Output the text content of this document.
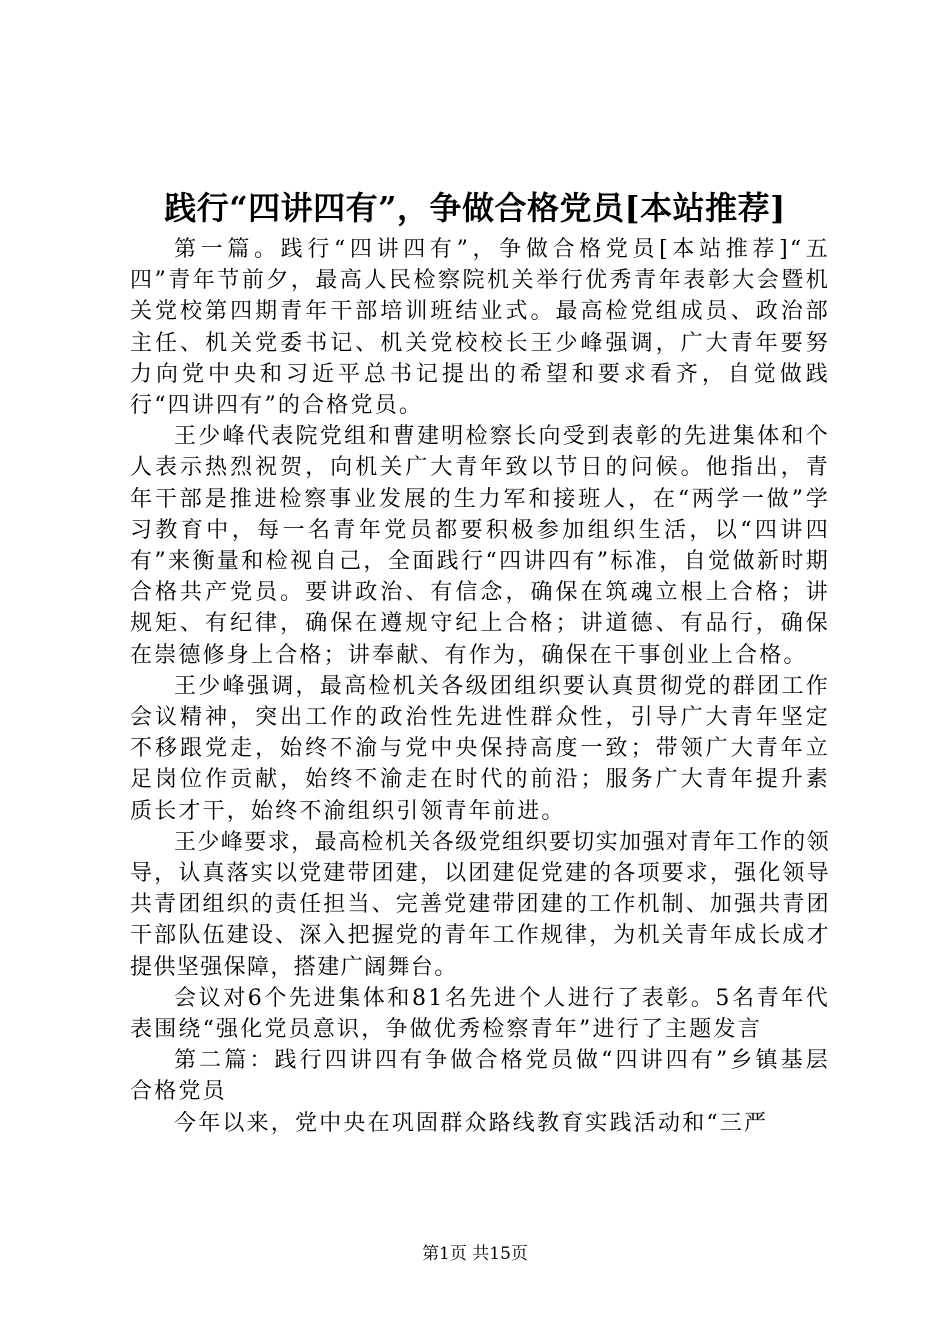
践行“四讲四有”，争做合格党员[本站推荐]

第一篇。践行“四讲四有”，争做合格党员[本站推荐]“五四”青年节前夕，最高人民检察院机关举行优秀青年表彰大会暨机关党校第四期青年干部培训班结业式。最高检党组成员、政治部主任、机关党委书记、机关党校校长王少峰强调，广大青年要努力向党中央和习近平总书记提出的希望和要求看齐，自觉做践行“四讲四有”的合格党员。

王少峰代表院党组和曹建明检察长向受到表彰的先进集体和个人表示热烈祝贺，向机关广大青年致以节日的问候。他指出，青年干部是推进检察事业发展的生力军和接班人，在“两学一做”学习教育中，每一名青年党员都要积极参加组织生活，以“四讲四有”来衡量和检视自己，全面践行“四讲四有”标准，自觉做新时期合格共产党员。要讲政治、有信念，确保在筑魂立根上合格；讲规矩、有纪律，确保在遵规守纪上合格；讲道德、有品行，确保在崇德修身上合格；讲奉献、有作为，确保在干事创业上合格。

王少峰强调，最高检机关各级团组织要认真贯彻党的群团工作会议精神，突出工作的政治性先进性群众性，引导广大青年坚定不移跟党走，始终不渝与党中央保持高度一致；带领广大青年立足岗位作贡献，始终不渝走在时代的前沿；服务广大青年提升素质长才干，始终不渝组织引领青年前进。

王少峰要求，最高检机关各级党组织要切实加强对青年工作的领导，认真落实以党建带团建，以团建促党建的各项要求，强化领导共青团组织的责任担当、完善党建带团建的工作机制、加强共青团干部队伍建设、深入把握党的青年工作规律，为机关青年成长成才提供坚强保障，搭建广阔舞台。

会议对6个先进集体和81名先进个人进行了表彰。5名青年代表围绕“强化党员意识，争做优秀检察青年”进行了主题发言

第二篇：践行四讲四有争做合格党员做“四讲四有”乡镇基层合格党员

今年以来，党中央在巩固群众路线教育实践活动和“三严

第1页 共15页
